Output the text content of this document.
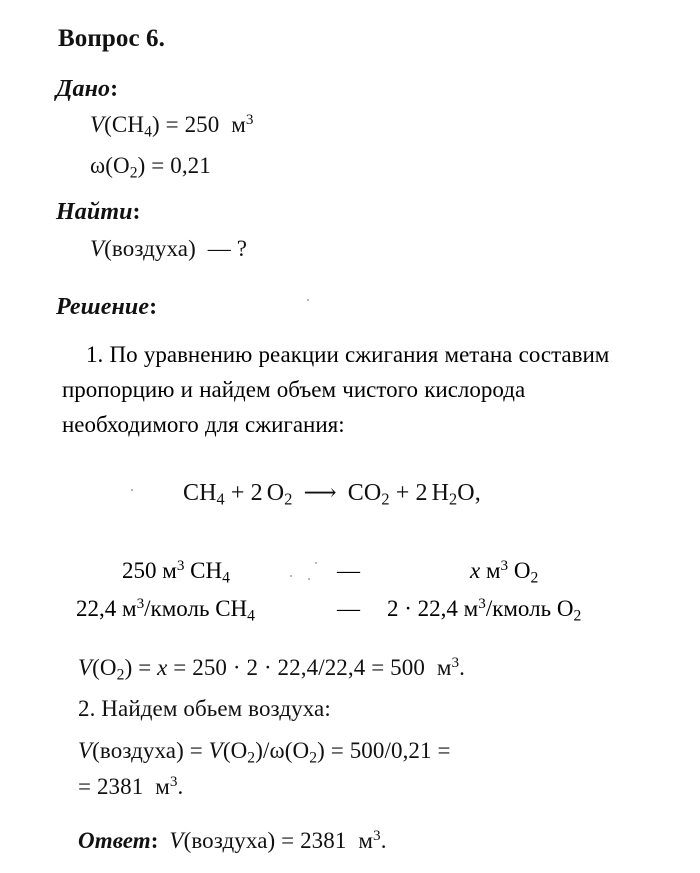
Вопрос 6.
Дано:
$V(CH_4) = 250$ $м^3$
$\omega(O_2) = 0,21$
Найти:
V(воздуха) — ?
Решение:
1. По уравнению реакции сжигания метана составим пропорцию и найдем объем чистого кислорода необходимого для сжигания:
$CH_4 + 2$ $O_2$ ⟶ $CO_2 + 2$ $H_2O$,
250 $м^3$ $CH_4$	—	x $м^3$ $O_2$
22,4 $м^3$/кмоль $CH_4$	— 2 · 22,4 $м^3$/кмоль $O_2$
$V(O_2) = x = 250 \cdot 2 \cdot 22,4/22,4 = 500$ $м^3$.
2. Найдем обьем воздуха:
V(воздуха) = $V(O_2)/\omega(O_2) = 500/0,21$ =
= 2381 $м^3$.
Ответ: V(воздуха) = 2381 $м^3$.
